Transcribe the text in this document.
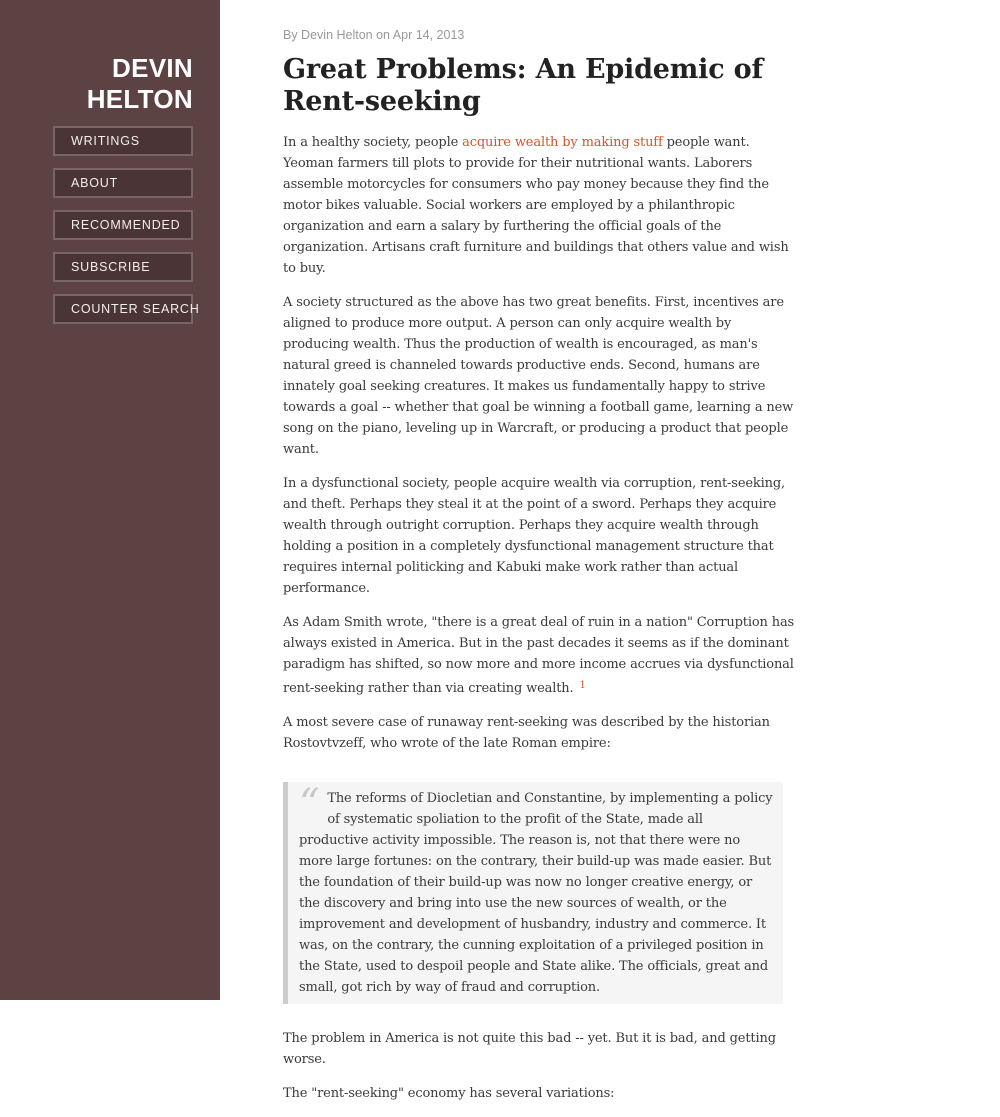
DEVIN
HELTON
WRITINGS
ABOUT
RECOMMENDED
SUBSCRIBE
COUNTER SEARCH

By Devin Helton on Apr 14, 2013

Great Problems: An Epidemic of Rent-seeking

In a healthy society, people acquire wealth by making stuff people want. Yeoman farmers till plots to provide for their nutritional wants. Laborers assemble motorcycles for consumers who pay money because they find the motor bikes valuable. Social workers are employed by a philanthropic organization and earn a salary by furthering the official goals of the organization. Artisans craft furniture and buildings that others value and wish to buy.

A society structured as the above has two great benefits. First, incentives are aligned to produce more output. A person can only acquire wealth by producing wealth. Thus the production of wealth is encouraged, as man's natural greed is channeled towards productive ends. Second, humans are innately goal seeking creatures. It makes us fundamentally happy to strive towards a goal -- whether that goal be winning a football game, learning a new song on the piano, leveling up in Warcraft, or producing a product that people want.

In a dysfunctional society, people acquire wealth via corruption, rent-seeking, and theft. Perhaps they steal it at the point of a sword. Perhaps they acquire wealth through outright corruption. Perhaps they acquire wealth through holding a position in a completely dysfunctional management structure that requires internal politicking and Kabuki make work rather than actual performance.

As Adam Smith wrote, "there is a great deal of ruin in a nation" Corruption has always existed in America. But in the past decades it seems as if the dominant paradigm has shifted, so now more and more income accrues via dysfunctional rent-seeking rather than via creating wealth. $^1$

A most severe case of runaway rent-seeking was described by the historian Rostovtvzeff, who wrote of the late Roman empire:

“ The reforms of Diocletian and Constantine, by implementing a policy of systematic spoliation to the profit of the State, made all productive activity impossible. The reason is, not that there were no more large fortunes: on the contrary, their build-up was made easier. But the foundation of their build-up was now no longer creative energy, or the discovery and bring into use the new sources of wealth, or the improvement and development of husbandry, industry and commerce. It was, on the contrary, the cunning exploitation of a privileged position in the State, used to despoil people and State alike. The officials, great and small, got rich by way of fraud and corruption.

The problem in America is not quite this bad -- yet. But it is bad, and getting worse.

The "rent-seeking" economy has several variations:
